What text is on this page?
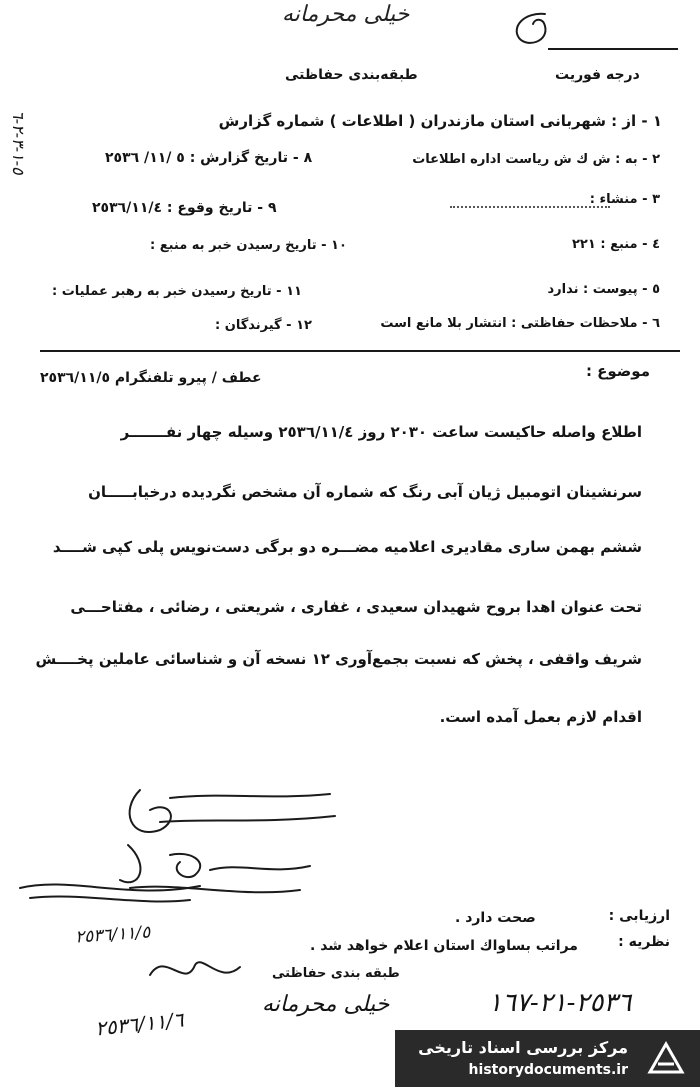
خیلی محرمانه
طبقه‌بندی حفاظتی	درجه فوریت
٥-١-٣-٢-٦
١ - از : شهربانی استان مازندران ( اطلاعات ) شماره گزارش
٢ - به : ش ك ش رياست اداره اطلاعات
٨ - تاريخ گزارش : ٥ /١١/ ٢٥٣٦
٣ - منشاء :
٩ - تاريخ وقوع : ٢٥٣٦/١١/٤
٤ - منبع : ٢٢١
١٠ - تاريخ رسيدن خبر به منبع :
٥ - پيوست : ندارد
١١ - تاريخ رسيدن خبر به رهبر عمليات :
٦ - ملاحظات حفاظتی : انتشار بلا مانع است
١٢ - گيرندگان :
موضوع :
عطف / پيرو تلفنگرام ٢٥٣٦/١١/٥
اطلاع واصله حاكيست ساعت ٢٠٣٠ روز ٢٥٣٦/١١/٤ وسيله چهار نفـــــــر
سرنشينان اتومبيل ژيان آبی رنگ كه شماره آن مشخص نگرديده درخيابـــــان
ششم بهمن ساری مقاديری اعلاميه مضـــره دو برگی دست‌نويس پلی كپی شــــد
تحت عنوان اهدا بروح شهيدان سعيدی ، غفاری ، شريعتی ، رضائی ، مفتاحـــی
شريف واقفی ، پخش كه نسبت بجمع‌آوری ١٢ نسخه آن و شناسائی عاملين پخــــش
اقدام لازم بعمل آمده است.
٢٥٣٦/١١/٥
٢٥٣٦/١١/٦
ارزيابی :
صحت دارد .
نظريه :
مراتب بساواك استان اعلام خواهد شد .
طبقه بندی حفاظتی
خیلی محرمانه	٢٥٣٦-٢١-١٦٧
مركز بررسی اسناد تاريخی
historydocuments.ir
